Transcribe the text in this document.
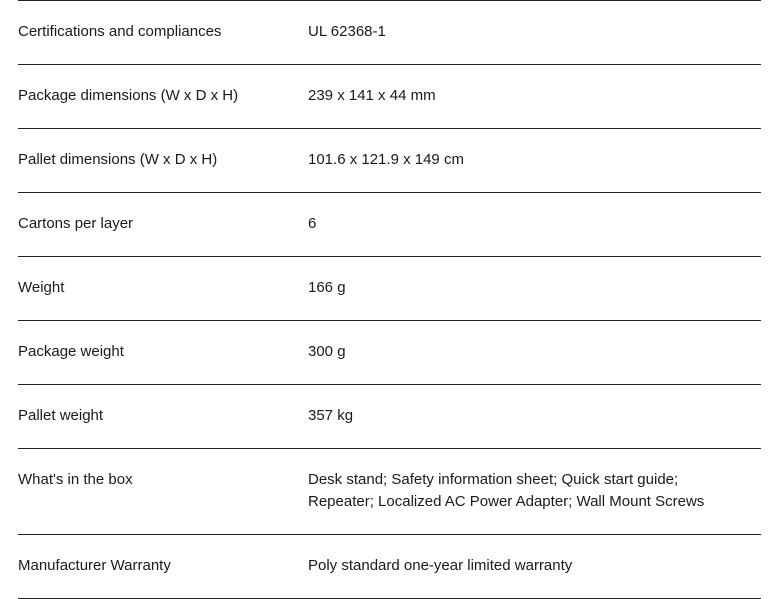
Certifications and compliances	UL 62368-1
Package dimensions (W x D x H)	239 x 141 x 44 mm
Pallet dimensions (W x D x H)	101.6 x 121.9 x 149 cm
Cartons per layer	6
Weight	166 g
Package weight	300 g
Pallet weight	357 kg
What's in the box	Desk stand; Safety information sheet; Quick start guide;
Repeater; Localized AC Power Adapter; Wall Mount Screws
Manufacturer Warranty	Poly standard one-year limited warranty
